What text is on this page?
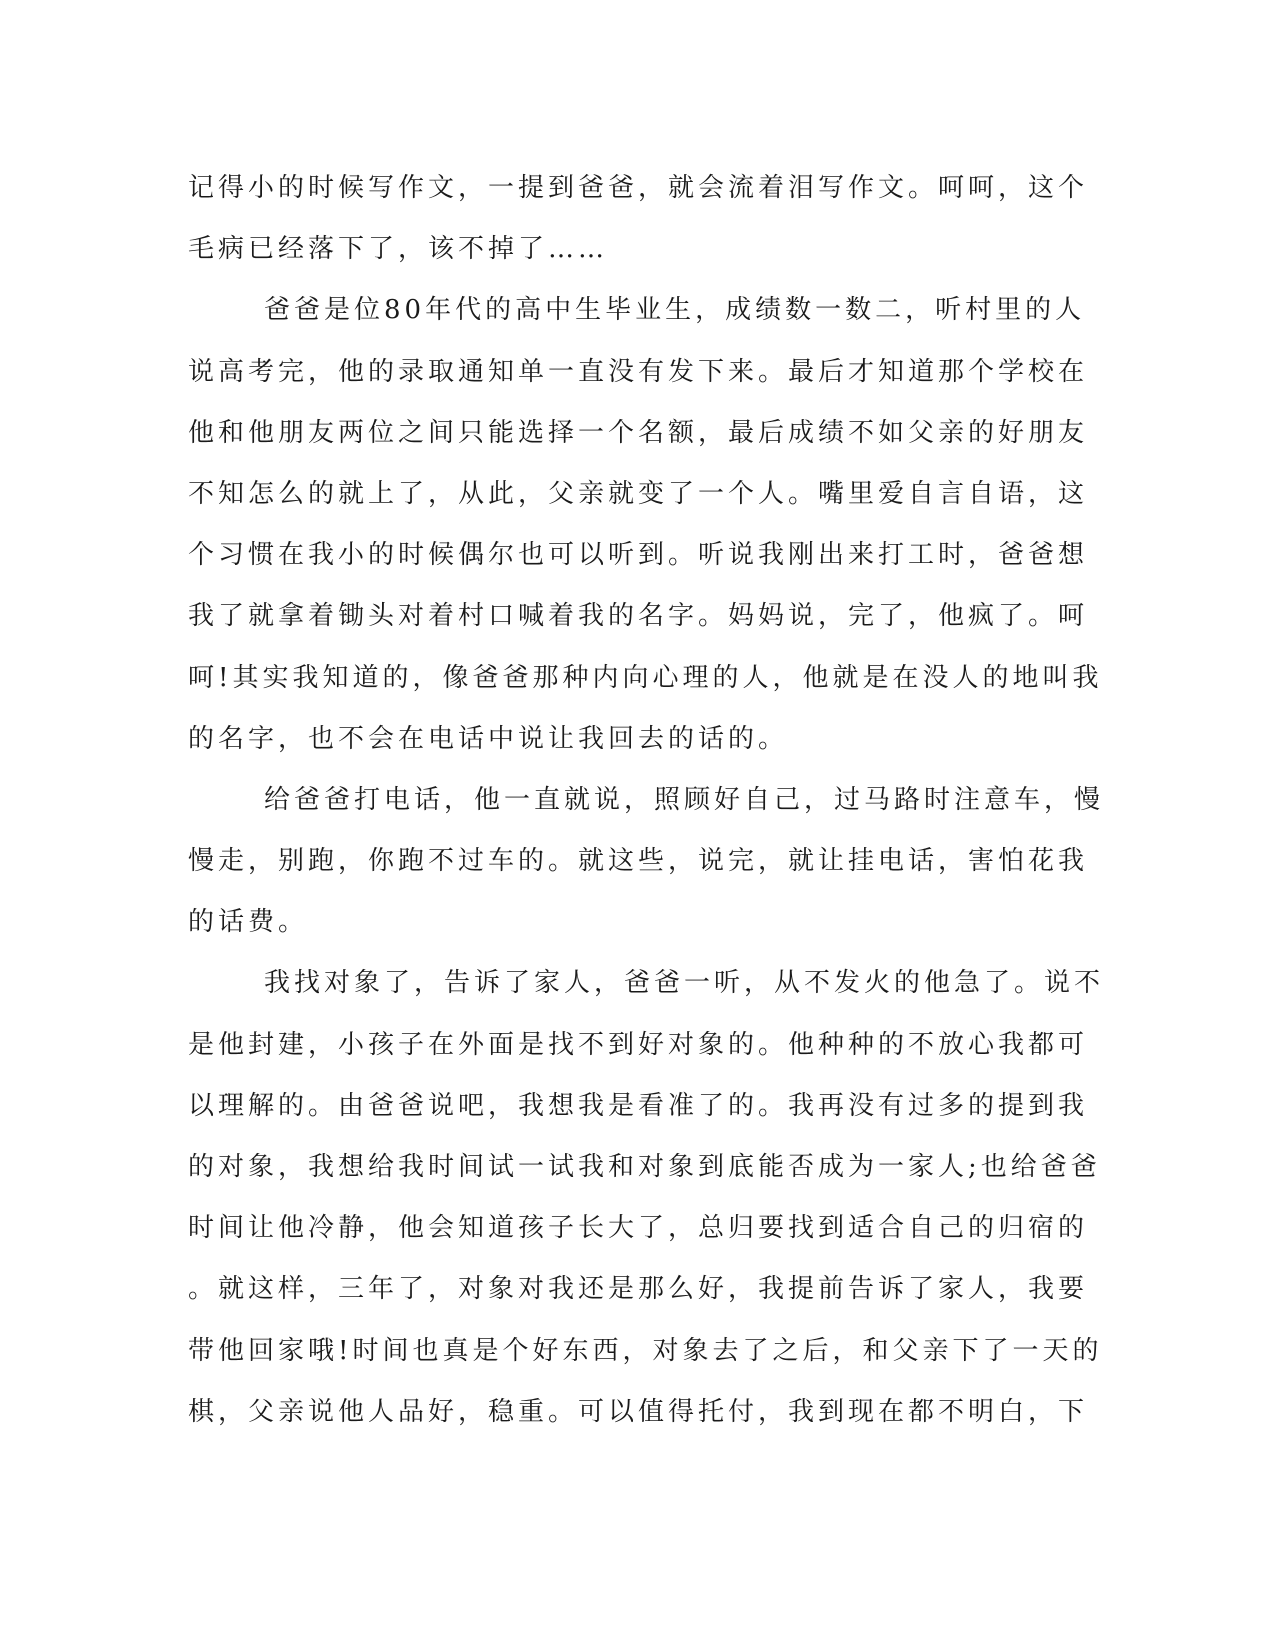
记得小的时候写作文，一提到爸爸，就会流着泪写作文。呵呵，这个
毛病已经落下了，该不掉了……
爸爸是位80年代的高中生毕业生，成绩数一数二，听村里的人
说高考完，他的录取通知单一直没有发下来。最后才知道那个学校在
他和他朋友两位之间只能选择一个名额，最后成绩不如父亲的好朋友
不知怎么的就上了，从此，父亲就变了一个人。嘴里爱自言自语，这
个习惯在我小的时候偶尔也可以听到。听说我刚出来打工时，爸爸想
我了就拿着锄头对着村口喊着我的名字。妈妈说，完了，他疯了。呵
呵!其实我知道的，像爸爸那种内向心理的人，他就是在没人的地叫我
的名字，也不会在电话中说让我回去的话的。
给爸爸打电话，他一直就说，照顾好自己，过马路时注意车，慢
慢走，别跑，你跑不过车的。就这些，说完，就让挂电话，害怕花我
的话费。
我找对象了，告诉了家人，爸爸一听，从不发火的他急了。说不
是他封建，小孩子在外面是找不到好对象的。他种种的不放心我都可
以理解的。由爸爸说吧，我想我是看准了的。我再没有过多的提到我
的对象，我想给我时间试一试我和对象到底能否成为一家人;也给爸爸
时间让他冷静，他会知道孩子长大了，总归要找到适合自己的归宿的
。就这样，三年了，对象对我还是那么好，我提前告诉了家人，我要
带他回家哦!时间也真是个好东西，对象去了之后，和父亲下了一天的
棋，父亲说他人品好，稳重。可以值得托付，我到现在都不明白，下
